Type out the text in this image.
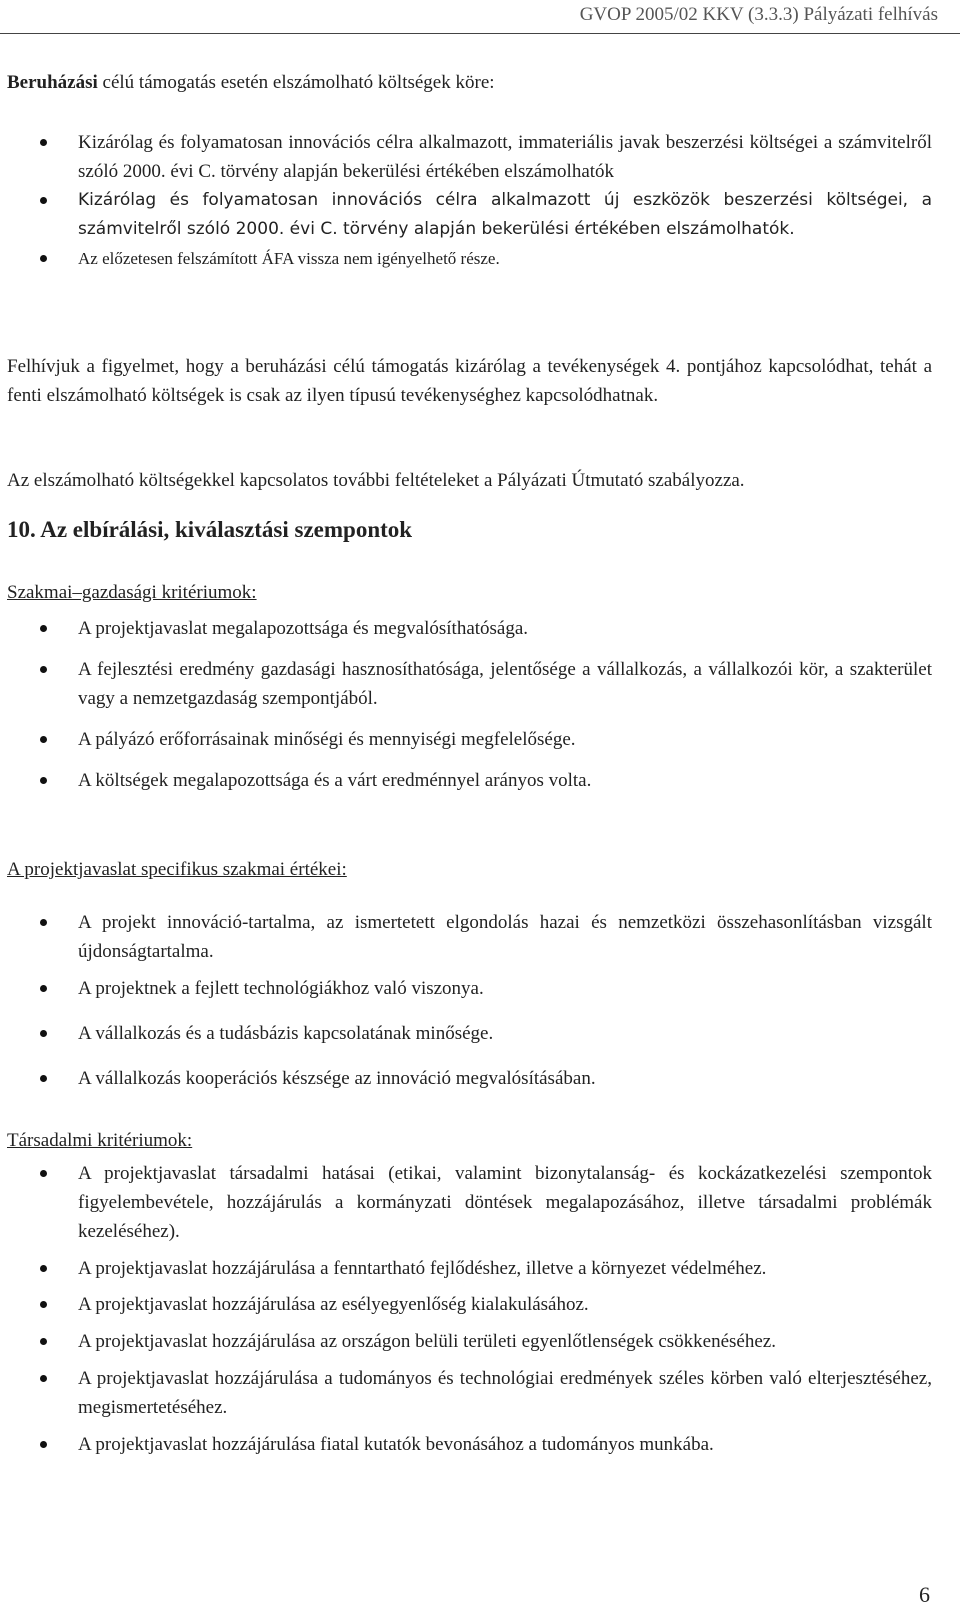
GVOP 2005/02 KKV (3.3.3) Pályázati felhívás
Beruházási célú támogatás esetén elszámolható költségek köre:
Kizárólag és folyamatosan innovációs célra alkalmazott, immateriális javak beszerzési költségei a számvitelről szóló 2000. évi C. törvény alapján bekerülési értékében elszámolhatók
Kizárólag és folyamatosan innovációs célra alkalmazott új eszközök beszerzési költségei, a számvitelről szóló 2000. évi C. törvény alapján bekerülési értékében elszámolhatók.
Az előzetesen felszámított ÁFA vissza nem igényelhető része.
Felhívjuk a figyelmet, hogy a beruházási célú támogatás kizárólag a tevékenységek 4. pontjához kapcsolódhat, tehát a fenti elszámolható költségek is csak az ilyen típusú tevékenységhez kapcsolódhatnak.
Az elszámolható költségekkel kapcsolatos további feltételeket a Pályázati Útmutató szabályozza.
10. Az elbírálási, kiválasztási szempontok
Szakmai–gazdasági kritériumok:
A projektjavaslat megalapozottsága és megvalósíthatósága.
A fejlesztési eredmény gazdasági hasznosíthatósága, jelentősége a vállalkozás, a vállalkozói kör, a szakterület vagy a nemzetgazdaság szempontjából.
A pályázó erőforrásainak minőségi és mennyiségi megfelelősége.
A költségek megalapozottsága és a várt eredménnyel arányos volta.
A projektjavaslat specifikus szakmai értékei:
A projekt innováció-tartalma, az ismertetett elgondolás hazai és nemzetközi összehasonlításban vizsgált újdonságtartalma.
A projektnek a fejlett technológiákhoz való viszonya.
A vállalkozás és a tudásbázis kapcsolatának minősége.
A vállalkozás kooperációs készsége az innováció megvalósításában.
Társadalmi kritériumok:
A projektjavaslat társadalmi hatásai (etikai, valamint bizonytalanság- és kockázatkezelési szempontok figyelembevétele, hozzájárulás a kormányzati döntések megalapozásához, illetve társadalmi problémák kezeléséhez).
A projektjavaslat hozzájárulása a fenntartható fejlődéshez, illetve a környezet védelméhez.
A projektjavaslat hozzájárulása az esélyegyenlőség kialakulásához.
A projektjavaslat hozzájárulása az országon belüli területi egyenlőtlenségek csökkenéséhez.
A projektjavaslat hozzájárulása a tudományos és technológiai eredmények széles körben való elterjesztéséhez, megismertetéséhez.
A projektjavaslat hozzájárulása fiatal kutatók bevonásához a tudományos munkába.
6
